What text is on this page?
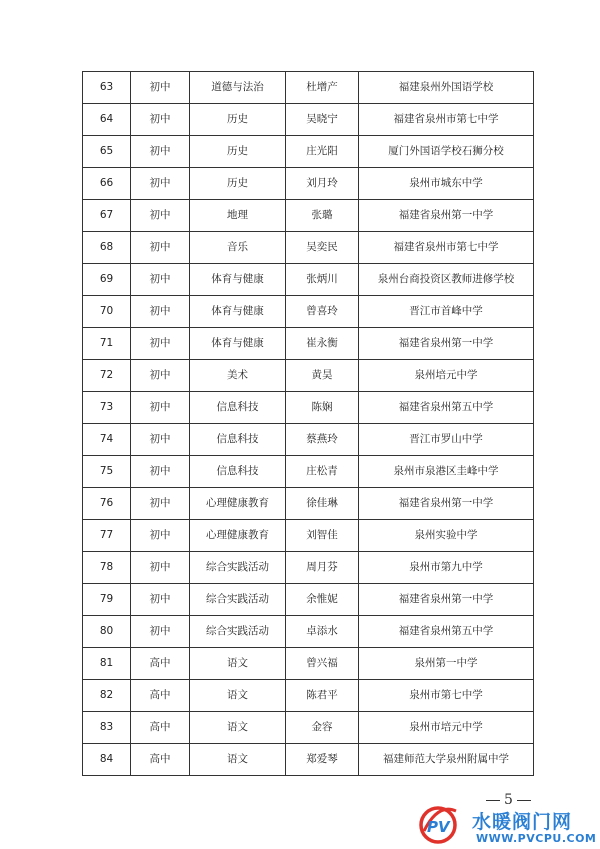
63	初中	道德与法治	杜增产	福建泉州外国语学校
64	初中	历史	吴晓宁	福建省泉州市第七中学
65	初中	历史	庄光阳	厦门外国语学校石狮分校
66	初中	历史	刘月玲	泉州市城东中学
67	初中	地理	张璐	福建省泉州第一中学
68	初中	音乐	吴奕民	福建省泉州市第七中学
69	初中	体育与健康	张炳川	泉州台商投资区教师进修学校
70	初中	体育与健康	曾喜玲	晋江市首峰中学
71	初中	体育与健康	崔永衡	福建省泉州第一中学
72	初中	美术	黄昊	泉州培元中学
73	初中	信息科技	陈娴	福建省泉州第五中学
74	初中	信息科技	蔡燕玲	晋江市罗山中学
75	初中	信息科技	庄松青	泉州市泉港区圭峰中学
76	初中	心理健康教育	徐佳琳	福建省泉州第一中学
77	初中	心理健康教育	刘智佳	泉州实验中学
78	初中	综合实践活动	周月芬	泉州市第九中学
79	初中	综合实践活动	余惟妮	福建省泉州第一中学
80	初中	综合实践活动	卓添水	福建省泉州第五中学
81	高中	语文	曾兴福	泉州第一中学
82	高中	语文	陈君平	泉州市第七中学
83	高中	语文	金容	泉州市培元中学
84	高中	语文	郑爱琴	福建师范大学泉州附属中学
5
PV 水暖阀门网
WWW.PVCPU.COM
